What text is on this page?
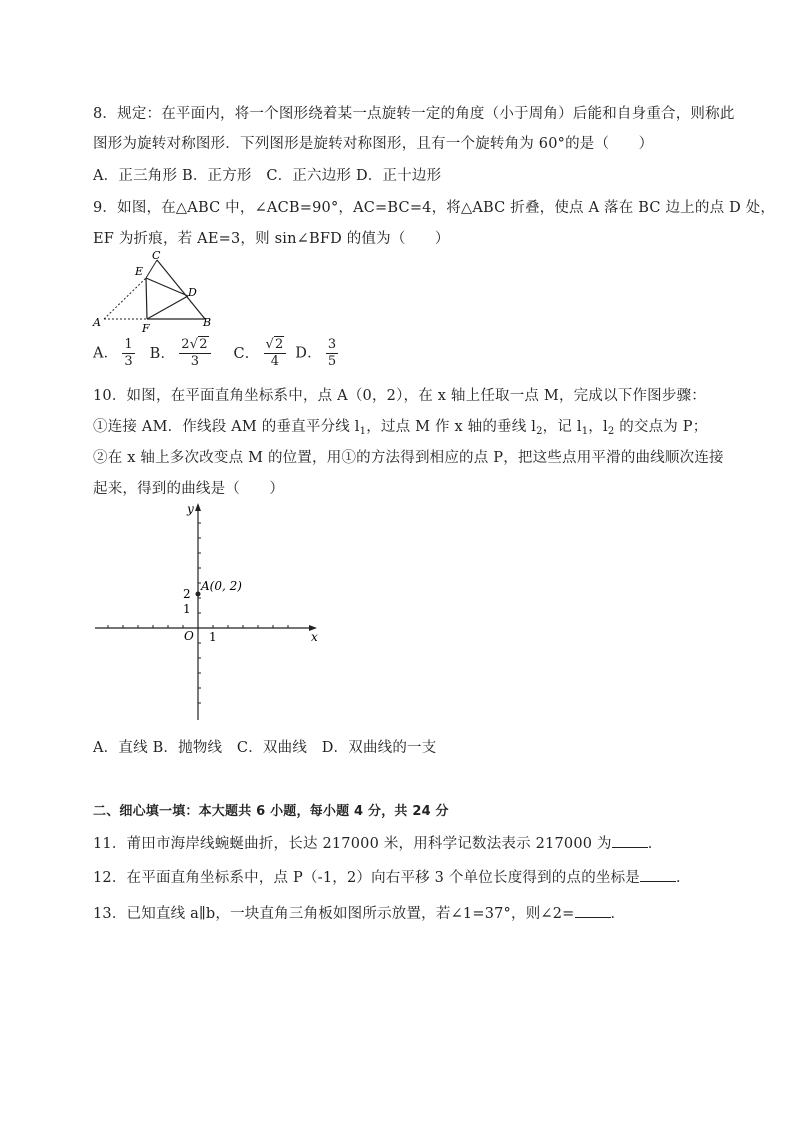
8．规定：在平面内，将一个图形绕着某一点旋转一定的角度（小于周角）后能和自身重合，则称此
图形为旋转对称图形．下列图形是旋转对称图形，且有一个旋转角为 60°的是（　　）
A．正三角形 B．正方形　C．正六边形 D．正十边形
9．如图，在△ABC 中，∠ACB=90°，AC=BC=4，将△ABC 折叠，使点 A 落在 BC 边上的点 D 处，
EF 为折痕，若 AE=3，则 sin∠BFD 的值为（　　）
C
E
D
A	F	B
A． $\frac{1}{3}$ B． $\frac{2√2}{3}$ C． $\frac{√2}{4}$ D． $\frac{3}{5}$
10．如图，在平面直角坐标系中，点 A（0，2），在 x 轴上任取一点 M，完成以下作图步骤：
①连接 AM．作线段 AM 的垂直平分线 $l_1$，过点 M 作 x 轴的垂线 $l_2$，记 $l_1$，$l_2$ 的交点为 P；
②在 x 轴上多次改变点 M 的位置，用①的方法得到相应的点 P，把这些点用平滑的曲线顺次连接
起来，得到的曲线是（　　）
y
x
O
2
1
1
A(0, 2)
A．直线 B．抛物线　C．双曲线　D．双曲线的一支
二、细心填一填：本大题共 6 小题，每小题 4 分，共 24 分
11．莆田市海岸线蜿蜒曲折，长达 217000 米，用科学记数法表示 217000 为 ．
12．在平面直角坐标系中，点 P（-1，2）向右平移 3 个单位长度得到的点的坐标是 ．
13．已知直线 a∥b，一块直角三角板如图所示放置，若∠1=37°，则∠2= ．
